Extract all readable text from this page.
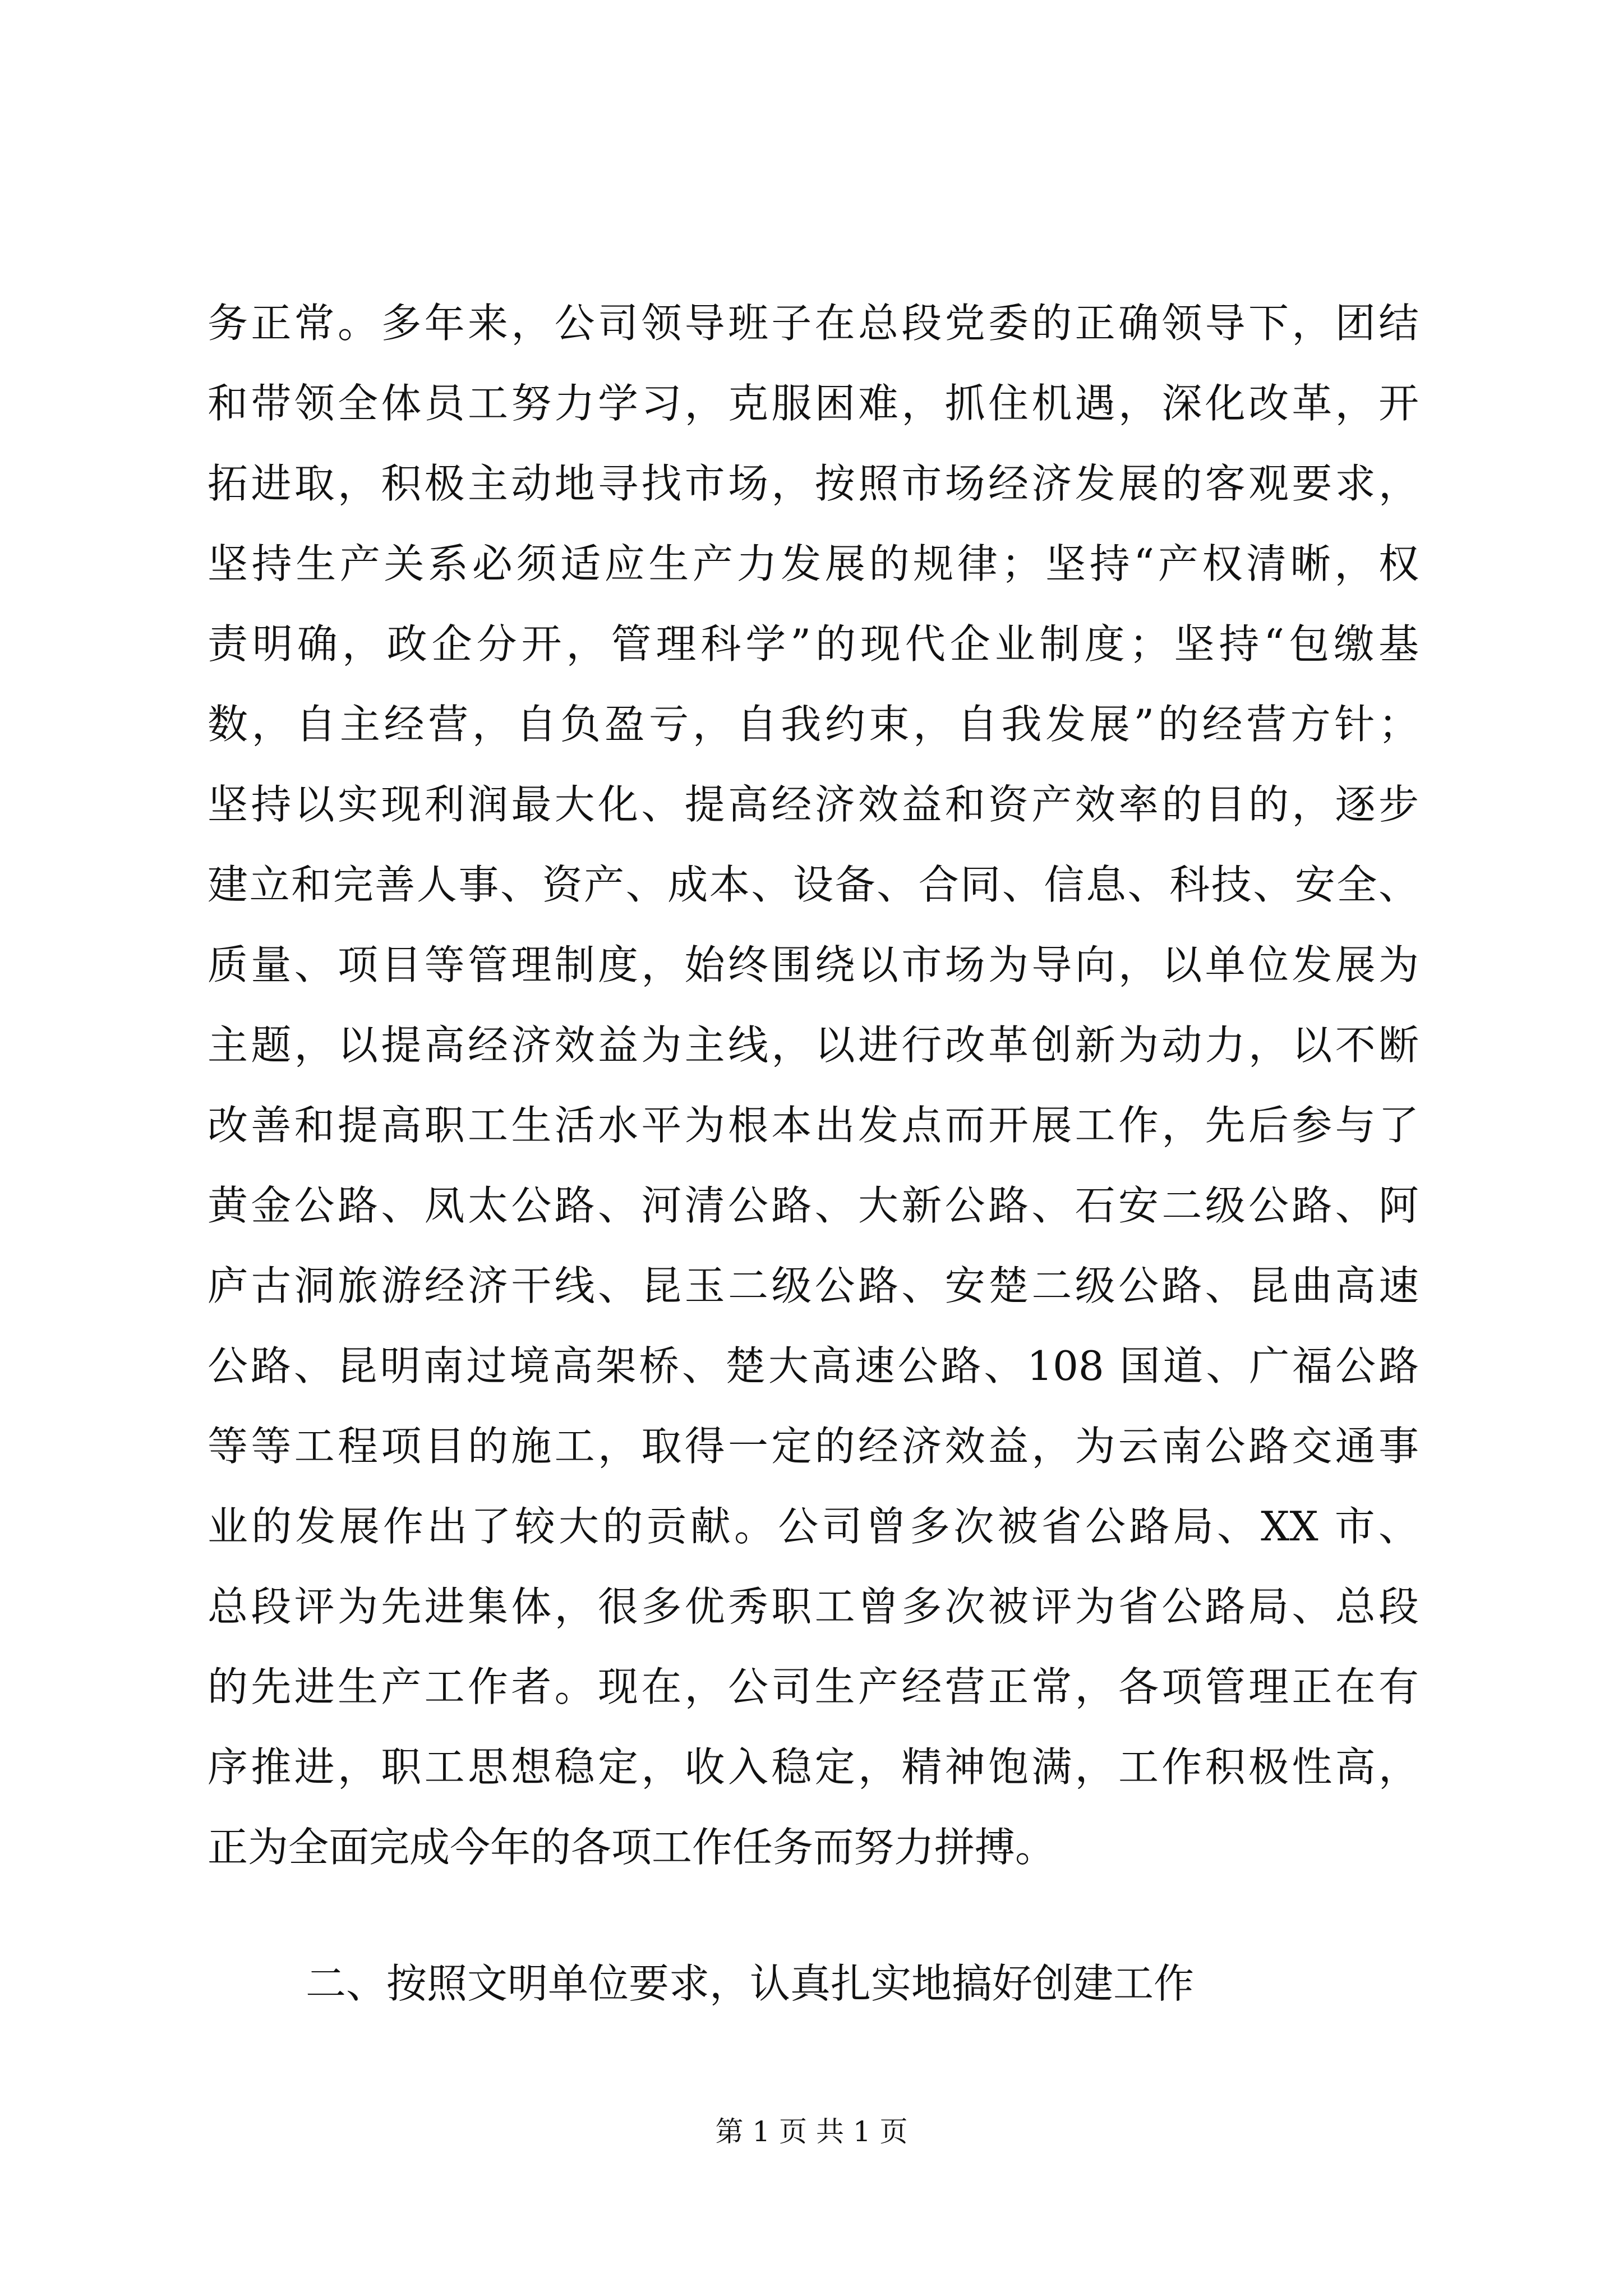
务正常。多年来，公司领导班子在总段党委的正确领导下，团结
和带领全体员工努力学习，克服困难，抓住机遇，深化改革，开
拓进取，积极主动地寻找市场，按照市场经济发展的客观要求，
坚持生产关系必须适应生产力发展的规律；坚持“产权清晰，权
责明确，政企分开，管理科学”的现代企业制度；坚持“包缴基
数，自主经营，自负盈亏，自我约束，自我发展”的经营方针；
坚持以实现利润最大化、提高经济效益和资产效率的目的，逐步
建立和完善人事、资产、成本、设备、合同、信息、科技、安全、
质量、项目等管理制度，始终围绕以市场为导向，以单位发展为
主题，以提高经济效益为主线，以进行改革创新为动力，以不断
改善和提高职工生活水平为根本出发点而开展工作，先后参与了
黄金公路、凤太公路、河清公路、大新公路、石安二级公路、阿
庐古洞旅游经济干线、昆玉二级公路、安楚二级公路、昆曲高速
公路、昆明南过境高架桥、楚大高速公路、108 国道、广福公路
等等工程项目的施工，取得一定的经济效益，为云南公路交通事
业的发展作出了较大的贡献。公司曾多次被省公路局、XX 市、
总段评为先进集体，很多优秀职工曾多次被评为省公路局、总段
的先进生产工作者。现在，公司生产经营正常，各项管理正在有
序推进，职工思想稳定，收入稳定，精神饱满，工作积极性高，
正为全面完成今年的各项工作任务而努力拼搏。
二、按照文明单位要求，认真扎实地搞好创建工作
第 1 页 共 1 页
